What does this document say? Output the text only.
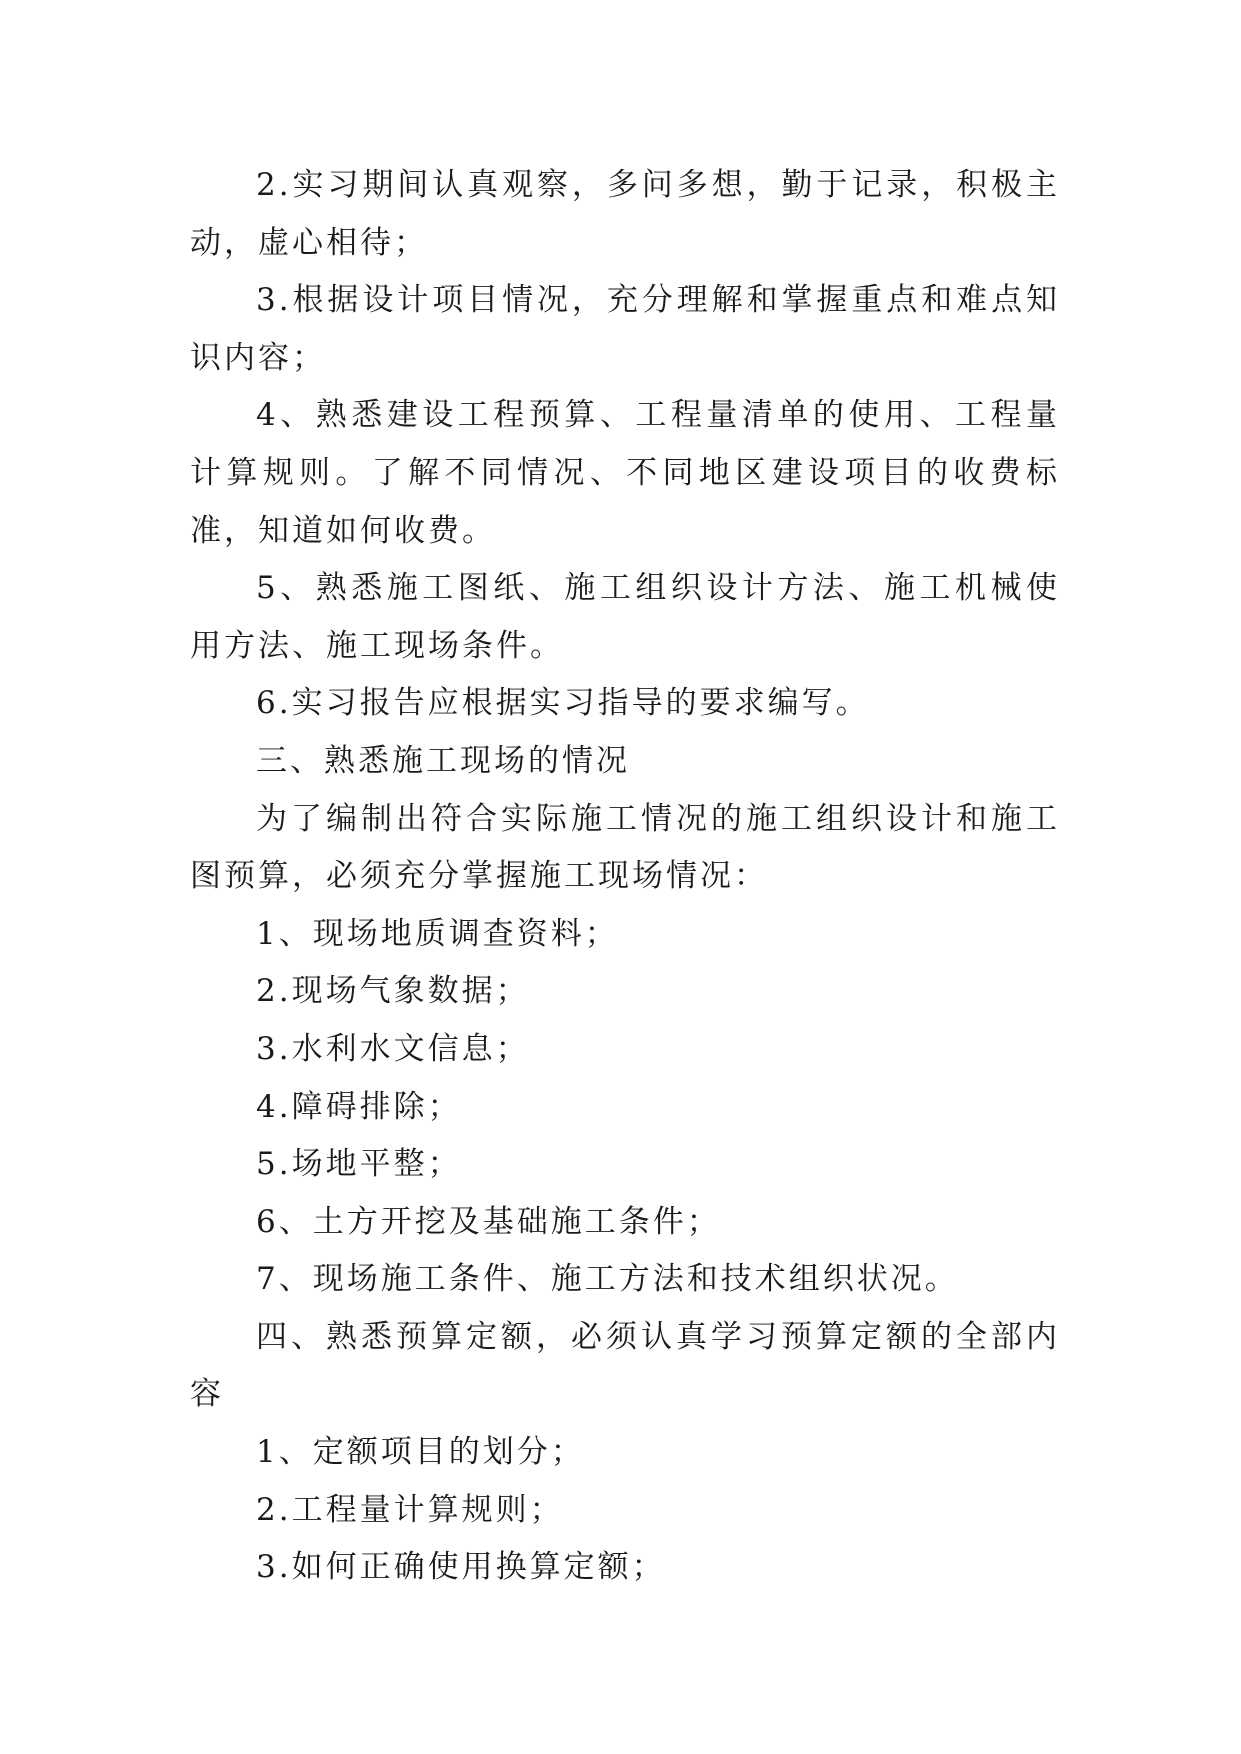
2.实习期间认真观察，多问多想，勤于记录，积极主动，虚心相待；

3.根据设计项目情况，充分理解和掌握重点和难点知识内容；

4、熟悉建设工程预算、工程量清单的使用、工程量计算规则。了解不同情况、不同地区建设项目的收费标准，知道如何收费。

5、熟悉施工图纸、施工组织设计方法、施工机械使用方法、施工现场条件。

6.实习报告应根据实习指导的要求编写。

三、熟悉施工现场的情况

为了编制出符合实际施工情况的施工组织设计和施工图预算，必须充分掌握施工现场情况：

1、现场地质调查资料；

2.现场气象数据；

3.水利水文信息；

4.障碍排除；

5.场地平整；

6、土方开挖及基础施工条件；

7、现场施工条件、施工方法和技术组织状况。

四、熟悉预算定额，必须认真学习预算定额的全部内容

1、定额项目的划分；

2.工程量计算规则；

3.如何正确使用换算定额；
